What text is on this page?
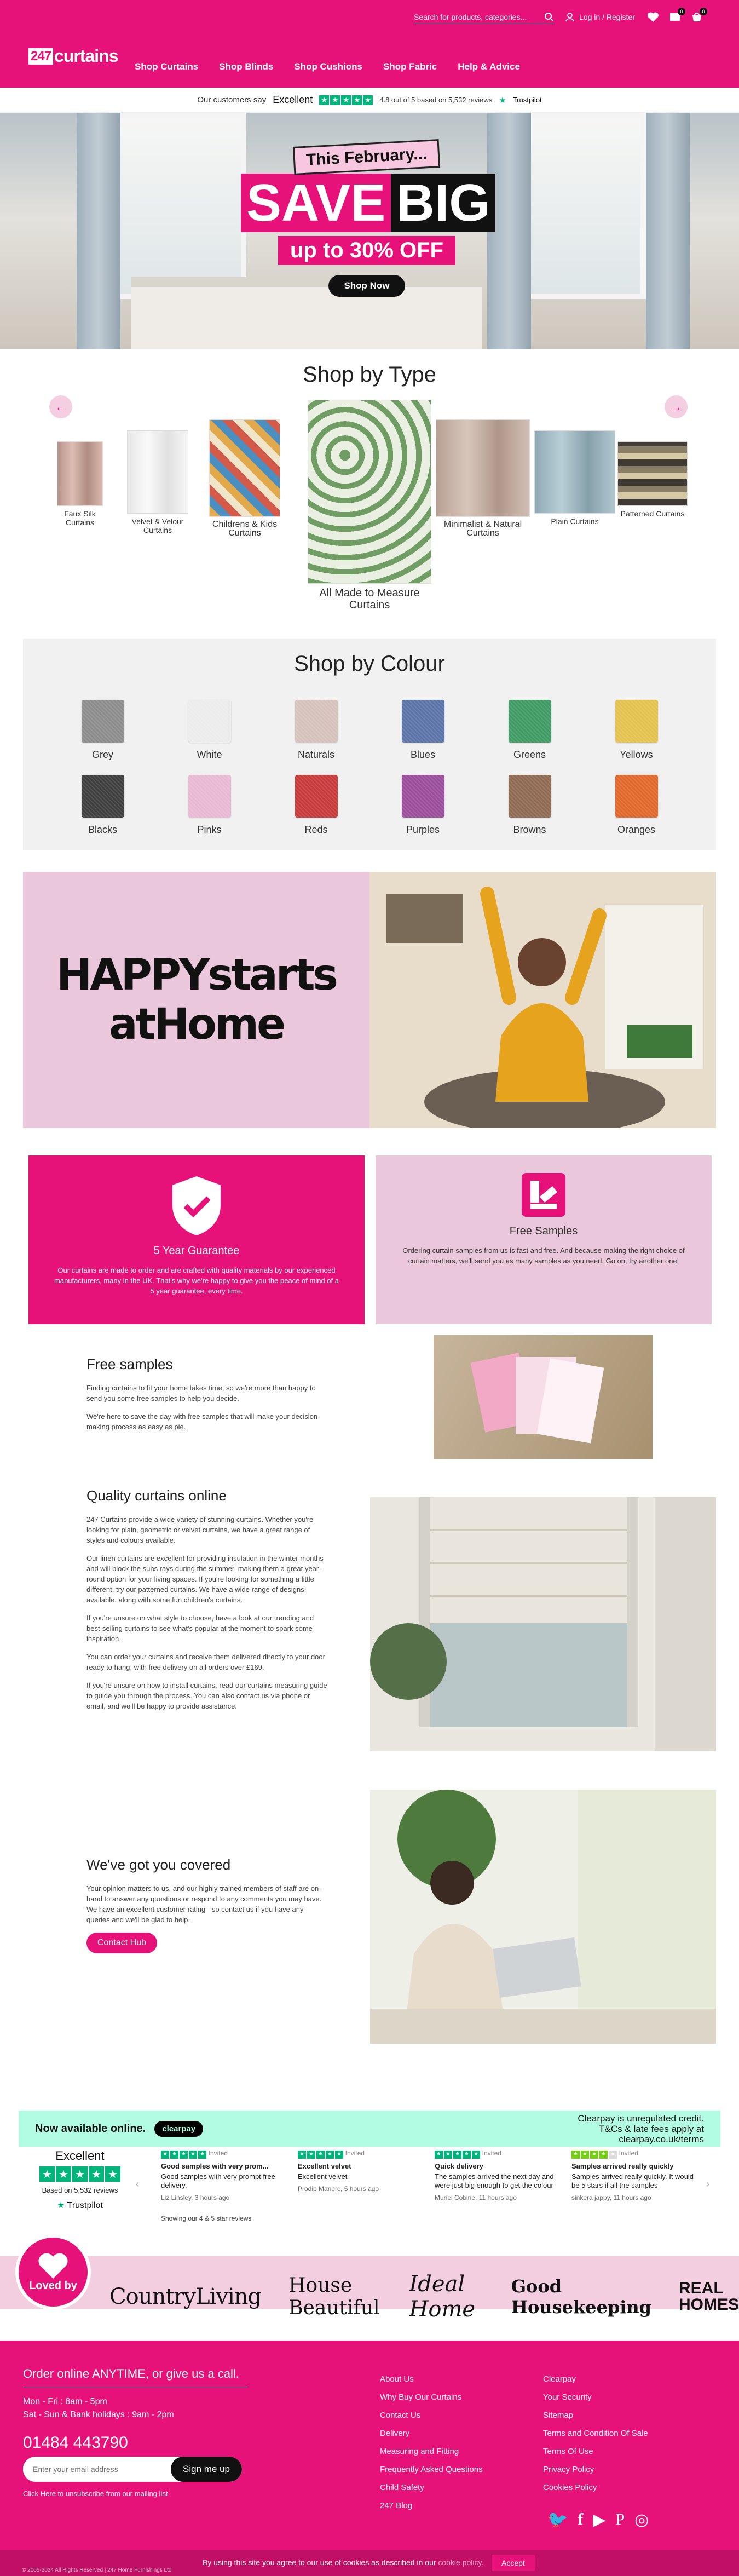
Search for products, categories...
Log in / Register
0	0
247 curtains
Shop Curtains Shop Blinds Shop Cushions Shop Fabric Help & Advice
Our customers say Excellent ★ ★ ★ ★ ★ 4.8 out of 5 based on 5,532 reviews ★ Trustpilot
This February...
SAVE BIG
up to 30% OFF
Shop Now
Shop by Type
←	→
Faux Silk Curtains	Velvet & Velour Curtains
Childrens & Kids Curtains
All Made to Measure Curtains
Minimalist & Natural Curtains
Plain Curtains
Patterned Curtains
Shop by Colour
Grey	White	Naturals	Blues	Greens	Yellows
Blacks	Pinks	Reds	Purples	Browns	Oranges
HAPPYstarts
atHome
5 Year Guarantee

Our curtains are made to order and are crafted with quality materials by our experienced manufacturers, many in the UK. That's why we're happy to give you the peace of mind of a 5 year guarantee, every time.

Free Samples

Ordering curtain samples from us is fast and free. And because making the right choice of curtain matters, we'll send you as many samples as you need. Go on, try another one!

Free samples

Finding curtains to fit your home takes time, so we're more than happy to send you some free samples to help you decide.

We're here to save the day with free samples that will make your decision-making process as easy as pie.

Quality curtains online

247 Curtains provide a wide variety of stunning curtains. Whether you're looking for plain, geometric or velvet curtains, we have a great range of styles and colours available.

Our linen curtains are excellent for providing insulation in the winter months and will block the suns rays during the summer, making them a great year-round option for your living spaces. If you're looking for something a little different, try our patterned curtains. We have a wide range of designs available, along with some fun children's curtains.

If you're unsure on what style to choose, have a look at our trending and best-selling curtains to see what's popular at the moment to spark some inspiration.

You can order your curtains and receive them delivered directly to your door ready to hang, with free delivery on all orders over £169.

If you're unsure on how to install curtains, read our curtains measuring guide to guide you through the process. You can also contact us via phone or email, and we'll be happy to provide assistance.

We've got you covered

Your opinion matters to us, and our highly-trained members of staff are on-hand to answer any questions or respond to any comments you may have. We have an excellent customer rating - so contact us if you have any queries and we'll be glad to help.

Contact Hub
Now available online.	clearpay
Clearpay is unregulated credit.
T&Cs & late fees apply at
clearpay.co.uk/terms
Excellent
★ ★ ★ ★ ★
Based on 5,532 reviews
★ Trustpilot
‹
★ ★ ★ ★ ★ Invited
Good samples with very prom...
Good samples with very prompt free delivery.
Liz Linsley, 3 hours ago
★ ★ ★ ★ ★ Invited
Excellent velvet
Excellent velvet
Prodip Manerc, 5 hours ago
★ ★ ★ ★ ★ Invited
Quick delivery
The samples arrived the next day and were just big enough to get the colour
Muriel Cobine, 11 hours ago
★ ★ ★ ★ ★ Invited
Samples arrived really quickly
Samples arrived really quickly. It would be 5 stars if all the samples
sinkera jappy, 11 hours ago
›
Showing our 4 & 5 star reviews
Loved by CountryLiving House Beautiful
Ideal Home
Good Housekeeping
REAL HOMES
Order online ANYTIME, or give us a call.
Mon - Fri : 8am - 5pm
Sat - Sun & Bank holidays : 9am - 2pm
01484 443790
Enter your email address
Sign me up
Click Here to unsubscribe from our mailing list
About Us
Why Buy Our Curtains
Contact Us
Delivery
Measuring and Fitting
Frequently Asked Questions
Child Safety
247 Blog
Clearpay
Your Security
Sitemap
Terms and Condition Of Sale
Terms Of Use
Privacy Policy
Cookies Policy
🐦 f ▶ P ◎
By using this site you agree to our use of cookies as described in our cookie policy.	Accept
© 2005-2024 All Rights Reserved | 247 Home Furnishings Ltd
